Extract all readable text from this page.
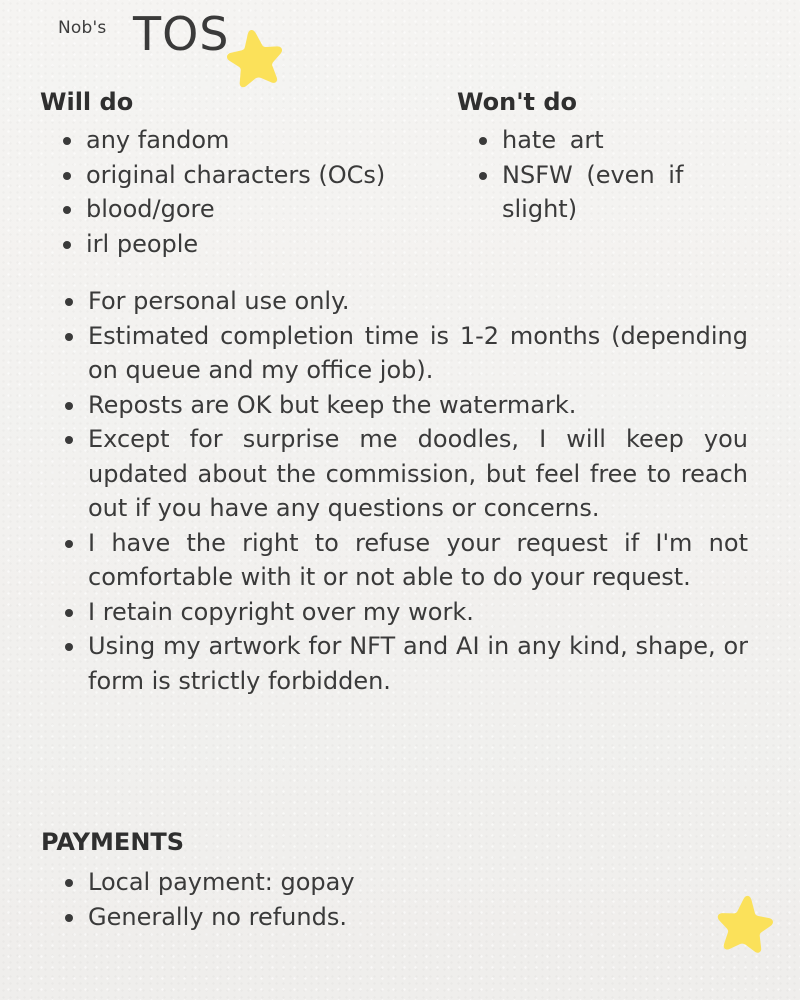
Nob's TOS
Will do
any fandom
original characters (OCs)
blood/gore
irl people
Won't do
hate art
NSFW (even if slight)
For personal use only.
Estimated completion time is 1-2 months (depending on queue and my office job).
Reposts are OK but keep the watermark.
Except for surprise me doodles, I will keep you updated about the commission, but feel free to reach out if you have any questions or concerns.
I have the right to refuse your request if I'm not comfortable with it or not able to do your request.
I retain copyright over my work.
Using my artwork for NFT and AI in any kind, shape, or form is strictly forbidden.
PAYMENTS
Local payment: gopay
Generally no refunds.
